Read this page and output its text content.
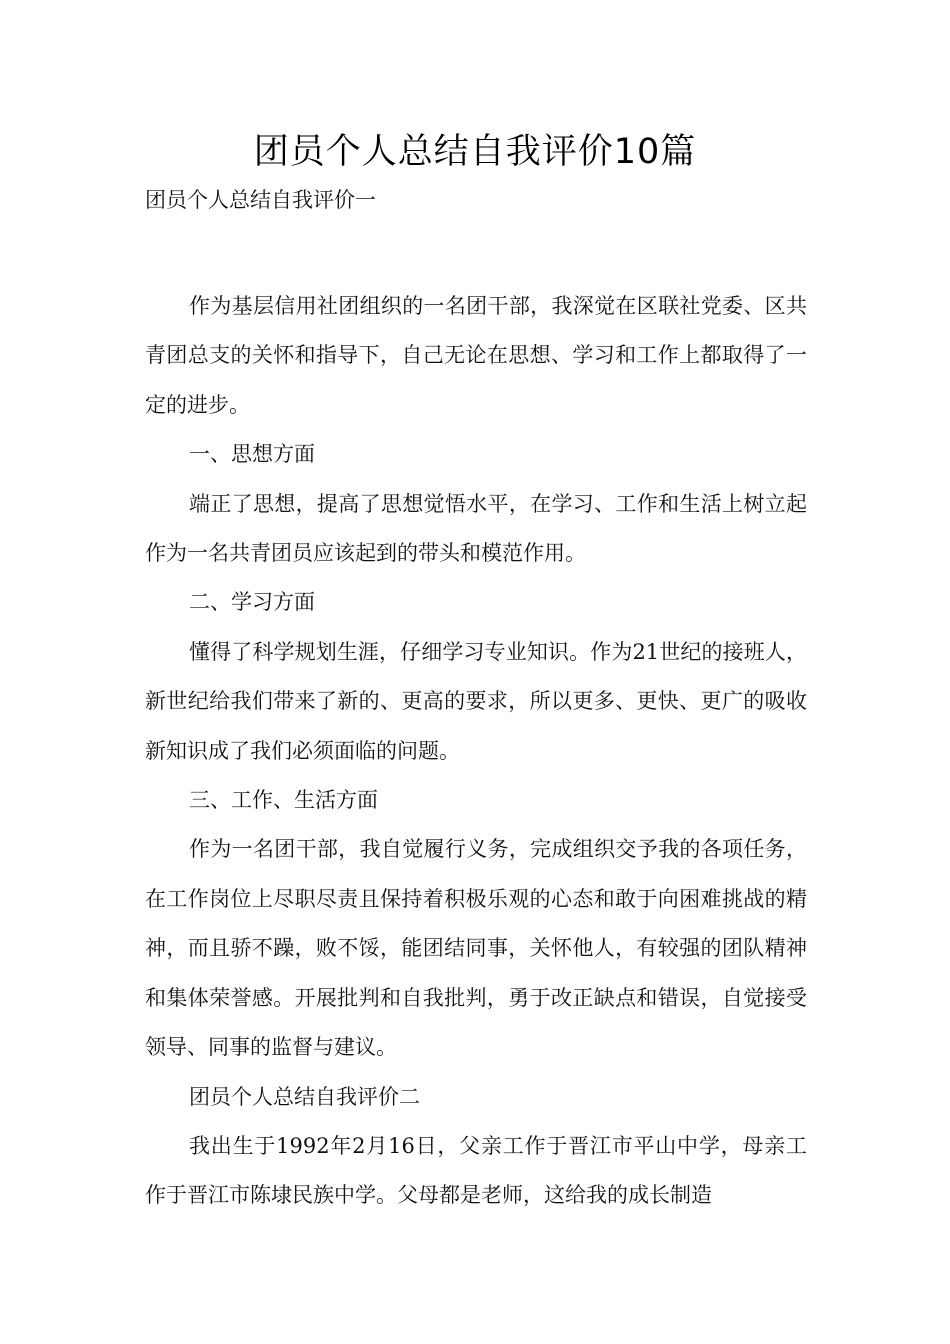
团员个人总结自我评价10篇

团员个人总结自我评价一

作为基层信用社团组织的一名团干部，我深觉在区联社党委、区共青团总支的关怀和指导下，自己无论在思想、学习和工作上都取得了一定的进步。

一、思想方面

端正了思想，提高了思想觉悟水平，在学习、工作和生活上树立起作为一名共青团员应该起到的带头和模范作用。

二、学习方面

懂得了科学规划生涯，仔细学习专业知识。作为21世纪的接班人，新世纪给我们带来了新的、更高的要求，所以更多、更快、更广的吸收新知识成了我们必须面临的问题。

三、工作、生活方面

作为一名团干部，我自觉履行义务，完成组织交予我的各项任务，在工作岗位上尽职尽责且保持着积极乐观的心态和敢于向困难挑战的精神，而且骄不躁，败不馁，能团结同事，关怀他人，有较强的团队精神和集体荣誉感。开展批判和自我批判，勇于改正缺点和错误，自觉接受领导、同事的监督与建议。

团员个人总结自我评价二

我出生于1992年2月16日，父亲工作于晋江市平山中学，母亲工作于晋江市陈埭民族中学。父母都是老师，这给我的成长制造
